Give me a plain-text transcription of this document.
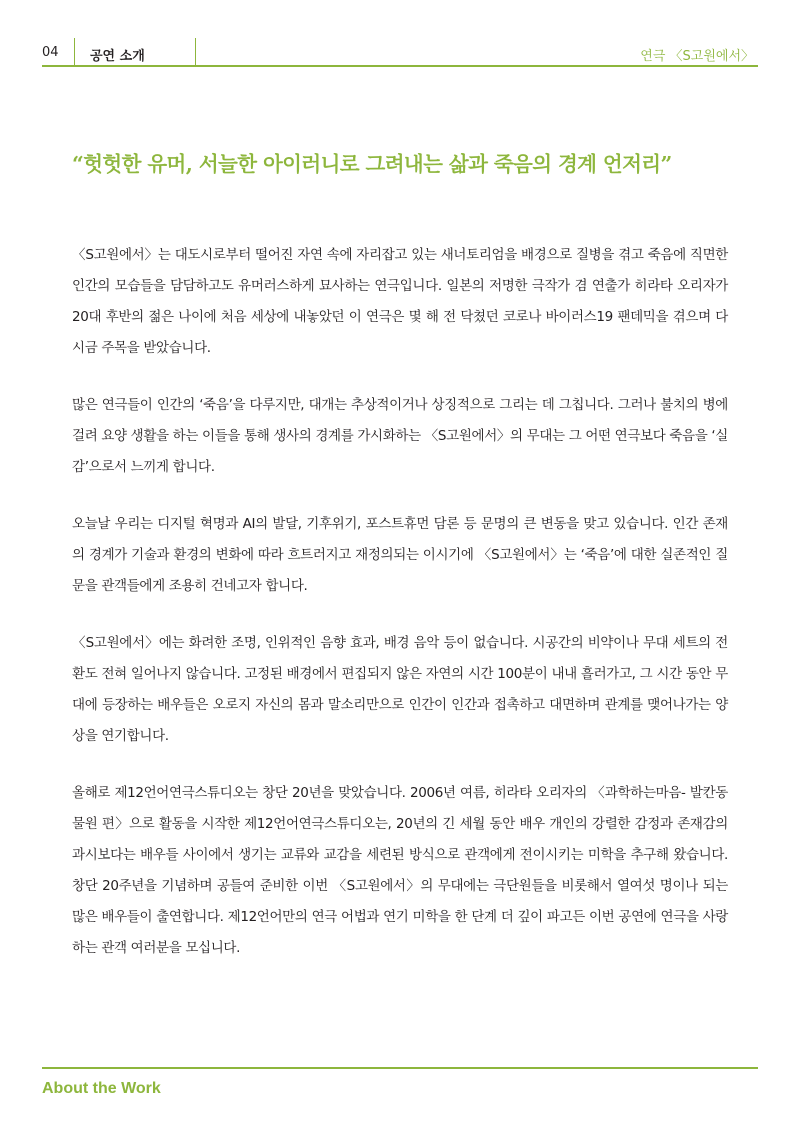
04 공연 소개	연극 〈S고원에서〉
“헛헛한 유머, 서늘한 아이러니로 그려내는 삶과 죽음의 경계 언저리”

〈S고원에서〉는 대도시로부터 떨어진 자연 속에 자리잡고 있는 새너토리엄을 배경으로 질병을 겪고 죽음에 직면한 인간의 모습들을 담담하고도 유머러스하게 묘사하는 연극입니다. 일본의 저명한 극작가 겸 연출가 히라타 오리자가 20대 후반의 젊은 나이에 처음 세상에 내놓았던 이 연극은 몇 해 전 닥쳤던 코로나 바이러스19 팬데믹을 겪으며 다시금 주목을 받았습니다.

많은 연극들이 인간의 ‘죽음’을 다루지만, 대개는 추상적이거나 상징적으로 그리는 데 그칩니다. 그러나 불치의 병에 걸려 요양 생활을 하는 이들을 통해 생사의 경계를 가시화하는 〈S고원에서〉의 무대는 그 어떤 연극보다 죽음을 ‘실감’으로서 느끼게 합니다.

오늘날 우리는 디지털 혁명과 AI의 발달, 기후위기, 포스트휴먼 담론 등 문명의 큰 변동을 맞고 있습니다. 인간 존재의 경계가 기술과 환경의 변화에 따라 흐트러지고 재정의되는 이시기에 〈S고원에서〉는 ‘죽음’에 대한 실존적인 질문을 관객들에게 조용히 건네고자 합니다.

〈S고원에서〉에는 화려한 조명, 인위적인 음향 효과, 배경 음악 등이 없습니다. 시공간의 비약이나 무대 세트의 전환도 전혀 일어나지 않습니다. 고정된 배경에서 편집되지 않은 자연의 시간 100분이 내내 흘러가고, 그 시간 동안 무대에 등장하는 배우들은 오로지 자신의 몸과 말소리만으로 인간이 인간과 접촉하고 대면하며 관계를 맺어나가는 양상을 연기합니다.

올해로 제12언어연극스튜디오는 창단 20년을 맞았습니다. 2006년 여름, 히라타 오리자의 〈과학하는마음- 발칸동물원 편〉으로 활동을 시작한 제12언어연극스튜디오는, 20년의 긴 세월 동안 배우 개인의 강렬한 감정과 존재감의 과시보다는 배우들 사이에서 생기는 교류와 교감을 세련된 방식으로 관객에게 전이시키는 미학을 추구해 왔습니다. 창단 20주년을 기념하며 공들여 준비한 이번 〈S고원에서〉의 무대에는 극단원들을 비롯해서 열여섯 명이나 되는 많은 배우들이 출연합니다. 제12언어만의 연극 어법과 연기 미학을 한 단계 더 깊이 파고든 이번 공연에 연극을 사랑하는 관객 여러분을 모십니다.

About the Work
